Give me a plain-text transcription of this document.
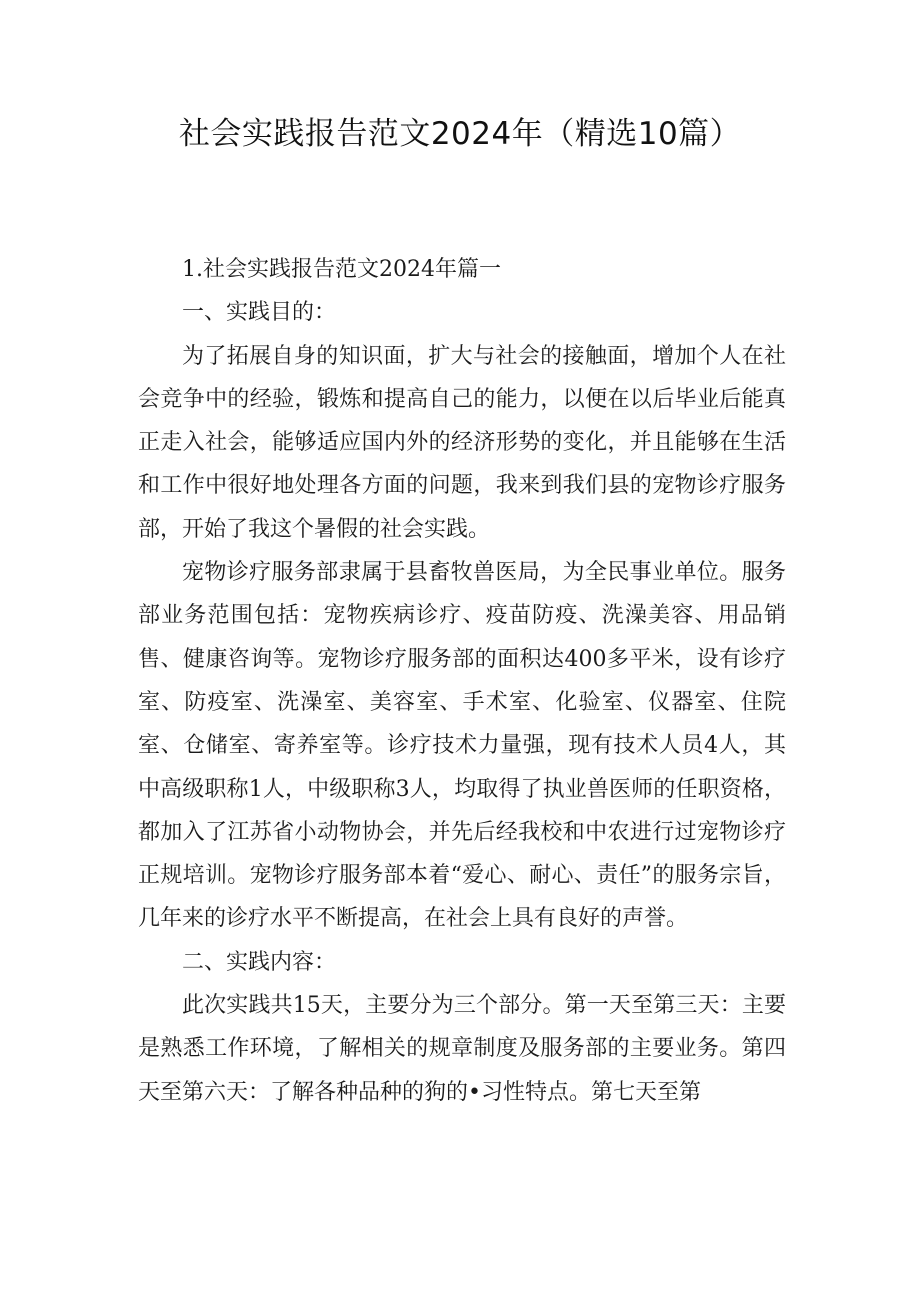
社会实践报告范文2024年（精选10篇）

1.社会实践报告范文2024年篇一

一、实践目的：

为了拓展自身的知识面，扩大与社会的接触面，增加个人在社会竞争中的经验，锻炼和提高自己的能力，以便在以后毕业后能真正走入社会，能够适应国内外的经济形势的变化，并且能够在生活和工作中很好地处理各方面的问题，我来到我们县的宠物诊疗服务部，开始了我这个暑假的社会实践。

宠物诊疗服务部隶属于县畜牧兽医局，为全民事业单位。服务部业务范围包括：宠物疾病诊疗、疫苗防疫、洗澡美容、用品销售、健康咨询等。宠物诊疗服务部的面积达400多平米，设有诊疗室、防疫室、洗澡室、美容室、手术室、化验室、仪器室、住院室、仓储室、寄养室等。诊疗技术力量强，现有技术人员4人，其中高级职称1人，中级职称3人，均取得了执业兽医师的任职资格，都加入了江苏省小动物协会，并先后经我校和中农进行过宠物诊疗正规培训。宠物诊疗服务部本着“爱心、耐心、责任”的服务宗旨，几年来的诊疗水平不断提高，在社会上具有良好的声誉。

二、实践内容：

此次实践共15天，主要分为三个部分。第一天至第三天：主要是熟悉工作环境，了解相关的规章制度及服务部的主要业务。第四天至第六天：了解各种品种的狗的•习性特点。第七天至第
